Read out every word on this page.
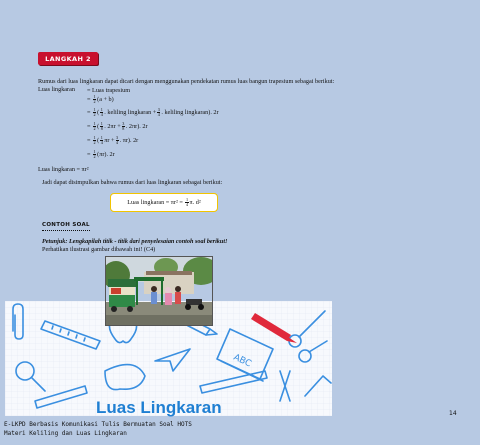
LANGKAH 2
Rumus dari luas lingkaran dapat dicari dengan menggunakan pendekatan rumus luas bangun trapesium sebagai berikut:
Luas lingkaran =
Luas trapesium
=
$\frac{1}{2} (a + b)$
=
$\frac{1}{2}$ ( $\frac{1}{4}$ . keliling lingkaran + $\frac{3}{4}$ . keliling lingkaran ) . 2r
=
$\frac{1}{2}$ ( $\frac{1}{8}$ . $2\pi r + \frac{3}{8}$ . 2πr ) . 2r
=
$\frac{1}{2}$ ( $\frac{1}{4}$ $\pi r + \frac{3}{4}$ . πr ) . 2r
=
$\frac{1}{2} (\pi r)$. 2r
Luas lingkaran = πr²
Jadi dapat disimpulkan bahwa rumus dari luas lingkaran sebagai berikut:
Luas lingkaran = πr² =
$\frac{1}{4} \pi$. d²
CONTOH SOAL
Petunjuk: Lengkapilah titik - titik dari penyelesaian contoh soal berikut!
Perhatikan ilustrasi gambar dibawah ini! (C4)
ABC
Luas Lingkaran	14
E-LKPD Berbasis Komunikasi Tulis Bermuatan Soal HOTS
Materi Keliling dan Luas Lingkaran
